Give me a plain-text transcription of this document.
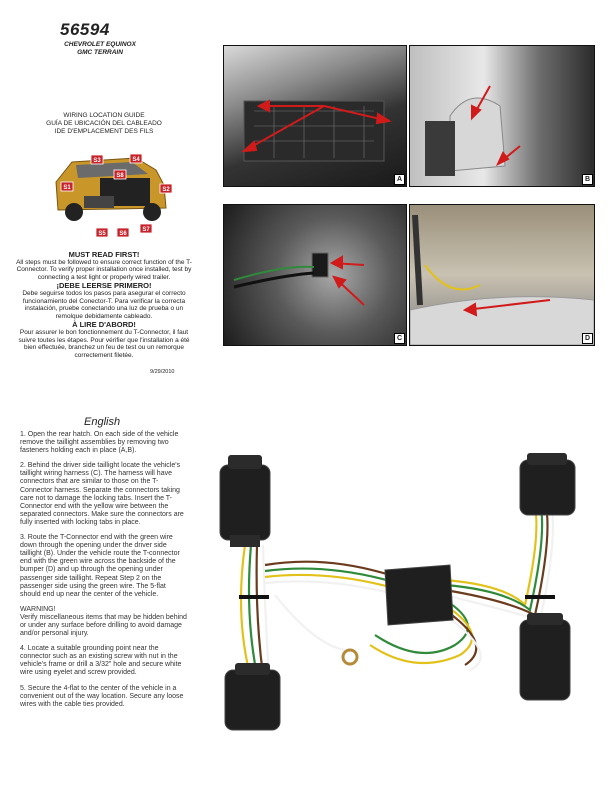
56594
CHEVROLET EQUINOX
GMC TERRAIN
WIRING LOCATION GUIDE
GUÍA DE UBICACIÓN DEL CABLEADO
IDE D'EMPLACEMENT DES FILS
S1	S2
S3	S4
S5 S6
S7
S8
MUST READ FIRST!
All steps must be followed to ensure correct function of the T-Connector. To verify proper installation once installed, test by connecting a test light or properly wired trailer.
¡DEBE LEERSE PRIMERO!
Debe seguirse todos los pasos para asegurar el correcto funcionamiento del Conector-T. Para verificar la correcta instalación, pruebe conectando una luz de prueba o un remolque debidamente cableado.
À LIRE D'ABORD!
Pour assurer le bon fonctionnement du T-Connector, il faut suivre toutes les étapes. Pour vérifier que l'installation a été bien effectuée, branchez un feu de test ou un remorque correctement filetée.
9/29/2010
A	B
C	D
English

1. Open the rear hatch. On each side of the vehicle remove the taillight assemblies by removing two fasteners holding each in place (A,B).

2. Behind the driver side taillight locate the vehicle's taillight wiring harness (C). The harness will have connectors that are similar to those on the T-Connector harness. Separate the connectors taking care not to damage the locking tabs. Insert the T-Connector end with the yellow wire between the separated connectors. Make sure the connectors are fully inserted with locking tabs in place.

3. Route the T-Connector end with the green wire down through the opening under the driver side taillight (B). Under the vehicle route the T-connector end with the green wire across the backside of the bumper (D) and up through the opening under passenger side taillight. Repeat Step 2 on the passenger side using the green wire. The 5-flat should end up near the center of the vehicle.

WARNING!

Verify miscellaneous items that may be hidden behind or under any surface before drilling to avoid damage and/or personal injury.

4. Locate a suitable grounding point near the connector such as an existing screw with nut in the vehicle's frame or drill a 3/32" hole and secure white wire using eyelet and screw provided.

5. Secure the 4-flat to the center of the vehicle in a convenient out of the way location. Secure any loose wires with the cable ties provided.
